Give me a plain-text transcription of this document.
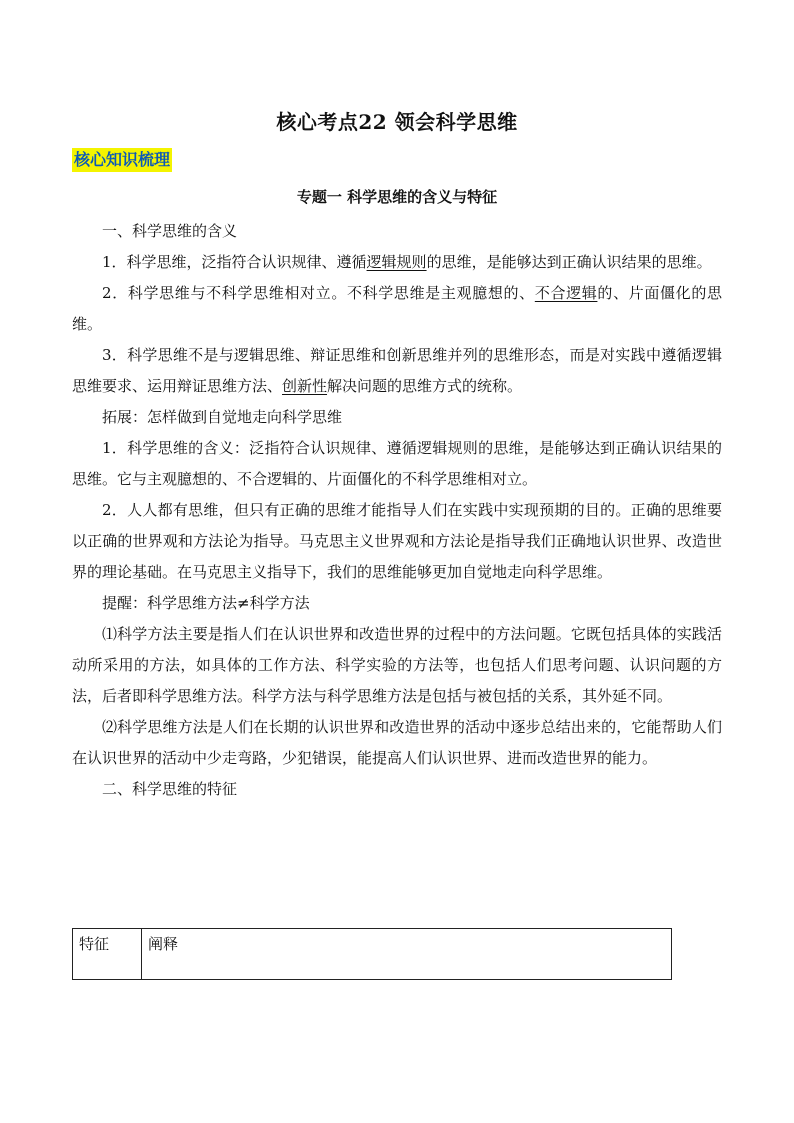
核心考点22 领会科学思维
核心知识梳理
专题一 科学思维的含义与特征

一、科学思维的含义

1．科学思维，泛指符合认识规律、遵循逻辑规则的思维，是能够达到正确认识结果的思维。

2．科学思维与不科学思维相对立。不科学思维是主观臆想的、不合逻辑的、片面僵化的思维。

3．科学思维不是与逻辑思维、辩证思维和创新思维并列的思维形态，而是对实践中遵循逻辑思维要求、运用辩证思维方法、创新性解决问题的思维方式的统称。

拓展：怎样做到自觉地走向科学思维

1．科学思维的含义：泛指符合认识规律、遵循逻辑规则的思维，是能够达到正确认识结果的思维。它与主观臆想的、不合逻辑的、片面僵化的不科学思维相对立。

2．人人都有思维，但只有正确的思维才能指导人们在实践中实现预期的目的。正确的思维要以正确的世界观和方法论为指导。马克思主义世界观和方法论是指导我们正确地认识世界、改造世界的理论基础。在马克思主义指导下，我们的思维能够更加自觉地走向科学思维。

提醒：科学思维方法≠科学方法

⑴科学方法主要是指人们在认识世界和改造世界的过程中的方法问题。它既包括具体的实践活动所采用的方法，如具体的工作方法、科学实验的方法等，也包括人们思考问题、认识问题的方法，后者即科学思维方法。科学方法与科学思维方法是包括与被包括的关系，其外延不同。

⑵科学思维方法是人们在长期的认识世界和改造世界的活动中逐步总结出来的，它能帮助人们在认识世界的活动中少走弯路，少犯错误，能提高人们认识世界、进而改造世界的能力。

二、科学思维的特征

特征	阐释
